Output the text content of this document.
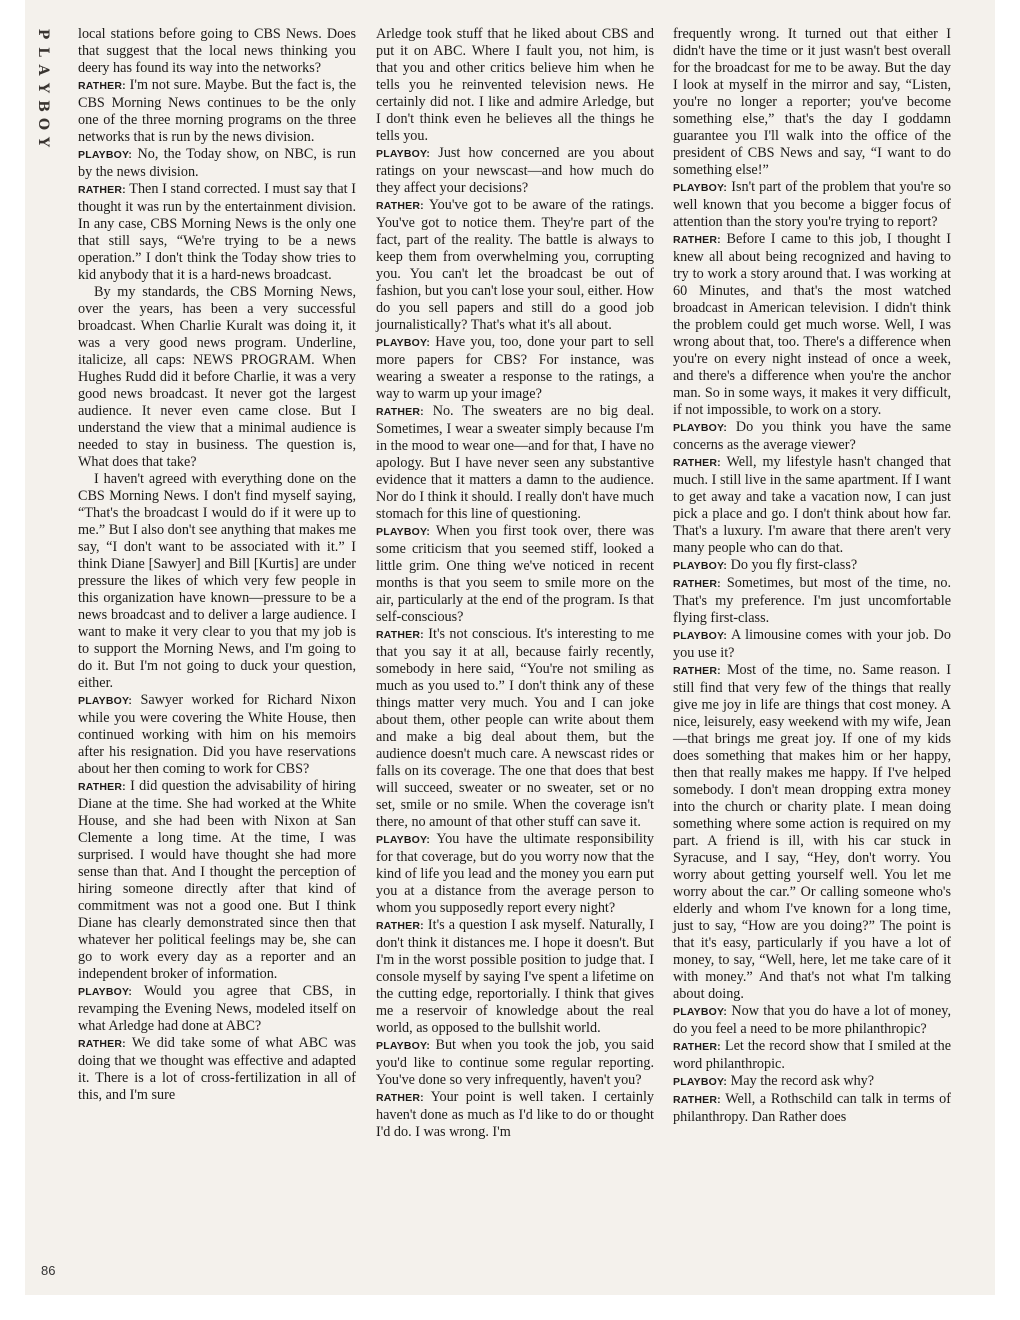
P
L
A
Y
B
O
Y

local stations before going to CBS News. Does that suggest that the local news thinking you deery has found its way into the networks?

RATHER: I'm not sure. Maybe. But the fact is, the CBS Morning News continues to be the only one of the three morning programs on the three networks that is run by the news division.

PLAYBOY: No, the Today show, on NBC, is run by the news division.

RATHER: Then I stand corrected. I must say that I thought it was run by the entertainment division. In any case, CBS Morning News is the only one that still says, “We're trying to be a news operation.” I don't think the Today show tries to kid anybody that it is a hard-news broadcast.

By my standards, the CBS Morning News, over the years, has been a very successful broadcast. When Charlie Kuralt was doing it, it was a very good news program. Underline, italicize, all caps: NEWS PROGRAM. When Hughes Rudd did it before Charlie, it was a very good news broadcast. It never got the largest audience. It never even came close. But I understand the view that a minimal audience is needed to stay in business. The question is, What does that take?

I haven't agreed with everything done on the CBS Morning News. I don't find myself saying, “That's the broadcast I would do if it were up to me.” But I also don't see anything that makes me say, “I don't want to be associated with it.” I think Diane [Sawyer] and Bill [Kurtis] are under pressure the likes of which very few people in this organization have known—pressure to be a news broadcast and to deliver a large audience. I want to make it very clear to you that my job is to support the Morning News, and I'm going to do it. But I'm not going to duck your question, either.

PLAYBOY: Sawyer worked for Richard Nixon while you were covering the White House, then continued working with him on his memoirs after his resignation. Did you have reservations about her then coming to work for CBS?

RATHER: I did question the advisability of hiring Diane at the time. She had worked at the White House, and she had been with Nixon at San Clemente a long time. At the time, I was surprised. I would have thought she had more sense than that. And I thought the perception of hiring someone directly after that kind of commitment was not a good one. But I think Diane has clearly demonstrated since then that whatever her political feelings may be, she can go to work every day as a reporter and an independent broker of information.

PLAYBOY: Would you agree that CBS, in revamping the Evening News, modeled itself on what Arledge had done at ABC?

RATHER: We did take some of what ABC was doing that we thought was effective and adapted it. There is a lot of cross-fertilization in all of this, and I'm sure

Arledge took stuff that he liked about CBS and put it on ABC. Where I fault you, not him, is that you and other critics believe him when he tells you he reinvented television news. He certainly did not. I like and admire Arledge, but I don't think even he believes all the things he tells you.

PLAYBOY: Just how concerned are you about ratings on your newscast—and how much do they affect your decisions?

RATHER: You've got to be aware of the ratings. You've got to notice them. They're part of the fact, part of the reality. The battle is always to keep them from overwhelming you, corrupting you. You can't let the broadcast be out of fashion, but you can't lose your soul, either. How do you sell papers and still do a good job journalistically? That's what it's all about.

PLAYBOY: Have you, too, done your part to sell more papers for CBS? For instance, was wearing a sweater a response to the ratings, a way to warm up your image?

RATHER: No. The sweaters are no big deal. Sometimes, I wear a sweater simply because I'm in the mood to wear one—and for that, I have no apology. But I have never seen any substantive evidence that it matters a damn to the audience. Nor do I think it should. I really don't have much stomach for this line of questioning.

PLAYBOY: When you first took over, there was some criticism that you seemed stiff, looked a little grim. One thing we've noticed in recent months is that you seem to smile more on the air, particularly at the end of the program. Is that self-conscious?

RATHER: It's not conscious. It's interesting to me that you say it at all, because fairly recently, somebody in here said, “You're not smiling as much as you used to.” I don't think any of these things matter very much. You and I can joke about them, other people can write about them and make a big deal about them, but the audience doesn't much care. A newscast rides or falls on its coverage. The one that does that best will succeed, sweater or no sweater, set or no set, smile or no smile. When the coverage isn't there, no amount of that other stuff can save it.

PLAYBOY: You have the ultimate responsibility for that coverage, but do you worry now that the kind of life you lead and the money you earn put you at a distance from the average person to whom you supposedly report every night?

RATHER: It's a question I ask myself. Naturally, I don't think it distances me. I hope it doesn't. But I'm in the worst possible position to judge that. I console myself by saying I've spent a lifetime on the cutting edge, reportorially. I think that gives me a reservoir of knowledge about the real world, as opposed to the bullshit world.

PLAYBOY: But when you took the job, you said you'd like to continue some regular reporting. You've done so very infrequently, haven't you?

RATHER: Your point is well taken. I certainly haven't done as much as I'd like to do or thought I'd do. I was wrong. I'm

frequently wrong. It turned out that either I didn't have the time or it just wasn't best overall for the broadcast for me to be away. But the day I look at myself in the mirror and say, “Listen, you're no longer a reporter; you've become something else,” that's the day I goddamn guarantee you I'll walk into the office of the president of CBS News and say, “I want to do something else!”

PLAYBOY: Isn't part of the problem that you're so well known that you become a bigger focus of attention than the story you're trying to report?

RATHER: Before I came to this job, I thought I knew all about being recognized and having to try to work a story around that. I was working at 60 Minutes, and that's the most watched broadcast in American television. I didn't think the problem could get much worse. Well, I was wrong about that, too. There's a difference when you're on every night instead of once a week, and there's a difference when you're the anchor man. So in some ways, it makes it very difficult, if not impossible, to work on a story.

PLAYBOY: Do you think you have the same concerns as the average viewer?

RATHER: Well, my lifestyle hasn't changed that much. I still live in the same apartment. If I want to get away and take a vacation now, I can just pick a place and go. I don't think about how far. That's a luxury. I'm aware that there aren't very many people who can do that.

PLAYBOY: Do you fly first-class?

RATHER: Sometimes, but most of the time, no. That's my preference. I'm just uncomfortable flying first-class.

PLAYBOY: A limousine comes with your job. Do you use it?

RATHER: Most of the time, no. Same reason. I still find that very few of the things that really give me joy in life are things that cost money. A nice, leisurely, easy weekend with my wife, Jean—that brings me great joy. If one of my kids does something that makes him or her happy, then that really makes me happy. If I've helped somebody. I don't mean dropping extra money into the church or charity plate. I mean doing something where some action is required on my part. A friend is ill, with his car stuck in Syracuse, and I say, “Hey, don't worry. You worry about getting yourself well. You let me worry about the car.” Or calling someone who's elderly and whom I've known for a long time, just to say, “How are you doing?” The point is that it's easy, particularly if you have a lot of money, to say, “Well, here, let me take care of it with money.” And that's not what I'm talking about doing.

PLAYBOY: Now that you do have a lot of money, do you feel a need to be more philanthropic?

RATHER: Let the record show that I smiled at the word philanthropic.

PLAYBOY: May the record ask why?

RATHER: Well, a Rothschild can talk in terms of philanthropy. Dan Rather does

86
